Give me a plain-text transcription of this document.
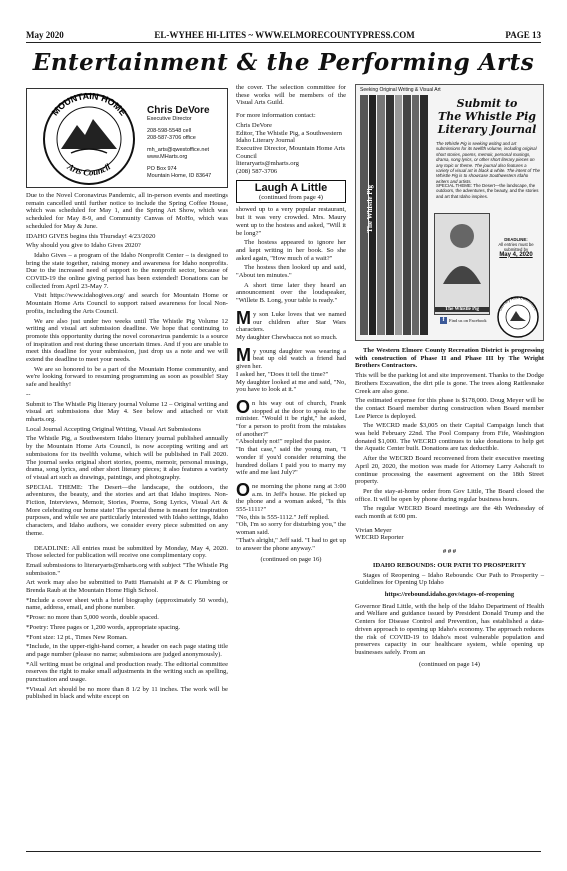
May 2020	EL-WYHEE HI-LITES ~ WWW.ELMORECOUNTYPRESS.COM	PAGE 13
Entertainment & the Performing Arts
MOUNTAIN HOME
Arts Council
Chris DeVore
Executive Director
208-598-5548 cell
208-587-3706 office
mh_arts@qwestoffice.net
www.MHarts.org
PO Box 974
Mountain Home, ID 83647

Due to the Novel Coronavirus Pandemic, all in-person events and meetings remain cancelled until further notice to include the Spring Coffee House, which was scheduled for May 1, and the Spring Art Show, which was scheduled for May 8-9, and Community Canvas of MoHo, which was scheduled for May & June.

IDAHO GIVES begins this Thursday! 4/23/2020

Why should you give to Idaho Gives 2020?

Idaho Gives – a program of the Idaho Nonprofit Center – is designed to bring the state together, raising money and awareness for Idaho nonprofits. Due to the increased need of support to the nonprofit sector, because of COVID-19 the online giving period has been extended! Donations can be collected from April 23-May 7.

Visit https://www.idahogives.org/ and search for Mountain Home or Mountain Home Arts Council to support raised awareness for local Non-profits, including the Arts Council.

We are also just under two weeks until The Whistle Pig Volume 12 writing and visual art submission deadline. We hope that continuing to promote this opportunity during the novel coronavirus pandemic is a source of inspiration and rest during these uncertain times. And if you are unable to meet this deadline for your submission, just drop us a note and we will extend the deadline to meet your needs.

We are so honored to be a part of the Mountain Home community, and we're looking forward to resuming programming as soon as possible! Stay safe and healthy!

--

Submit to The Whistle Pig literary journal Volume 12 – Original writing and visual art submissions due May 4. See below and attached or visit mharts.org.

Local Journal Accepting Original Writing, Visual Art Submissions

The Whistle Pig, a Southwestern Idaho literary journal published annually by the Mountain Home Arts Council, is now accepting writing and art submissions for its twelfth volume, which will be published in Fall 2020. The journal seeks original short stories, poems, memoir, personal musings, drama, song lyrics, and other short literary pieces; it also features a variety of visual art such as drawings, paintings, and photography.

SPECIAL THEME: The Desert—the landscape, the outdoors, the adventures, the beauty, and the stories and art that Idaho inspires. Non-Fiction, Interviews, Memoir, Stories, Poems, Song Lyrics, Visual Art & More celebrating our home state! The special theme is meant for inspiration purposes, and while we are particularly interested with Idaho settings, Idaho characters, and Idaho authors, we consider every piece submitted on any theme.

DEADLINE: All entries must be submitted by Monday, May 4, 2020. Those selected for publication will receive one complimentary copy.

Email submissions to literaryarts@mharts.org with subject "The Whistle Pig submission."

Art work may also be submitted to Patti Hamaishi at P & C Plumbing or Brenda Raub at the Mountain Home High School.

*Include a cover sheet with a brief biography (approximately 50 words), name, address, email, and phone number.

*Prose: no more than 5,000 words, double spaced.

*Poetry: Three pages or 1,200 words, appropriate spacing.

*Font size: 12 pt., Times New Roman.

*Include, in the upper-right-hand corner, a header on each page stating title and page number (please no name; submissions are judged anonymously).

*All writing must be original and production ready. The editorial committee reserves the right to make small adjustments in the writing such as spelling, punctuation and usage.

*Visual Art should be no more than 8 1/2 by 11 inches. The work will be published in black and white except on

the cover. The selection committee for these works will be members of the Visual Arts Guild.

For more information contact:

Chris DeVore
Editor, The Whistle Pig, a Southwestern Idaho Literary Journal
Executive Director, Mountain Home Arts Council
literaryarts@mharts.org
(208) 587-3706

Laugh A Little
(continued from page 4)

showed up to a very popular restaurant, but it was very crowded. Mrs. Maury went up to the hostess and asked, "Will it be long?"

The hostess appeared to ignore her and kept writing in her book. So she asked again, "How much of a wait?"

The hostess then looked up and said, "About ten minutes."

A short time later they heard an announcement over the loudspeaker, "Willete B. Long, your table is ready."

My son Luke loves that we named our children after Star Wars characters.
My daughter Chewbacca not so much.

My young daughter was wearing a beat up old watch a friend had given her.
I asked her, "Does it tell the time?"
My daughter looked at me and said, "No, you have to look at it."

On his way out of church, Frank stopped at the door to speak to the minister. "Would it be right," he asked, "for a person to profit from the mistakes of another?"
"Absolutely not!" replied the pastor.
"In that case," said the young man, "I wonder if you'd consider returning the hundred dollars I paid you to marry my wife and me last July?"

One morning the phone rang at 3:00 a.m. in Jeff's house. He picked up the phone and a woman asked, "Is this 555-1111?"
"No, this is 555-1112." Jeff replied.
"Oh, I'm so sorry for disturbing you," the woman said.
"That's alright," Jeff said. "I had to get up to answer the phone anyway."

(continued on page 16)
Seeking Original Writing & Visual Art
The Whistle Pig
Submit to
The Whistle Pig
Literary Journal
The Whistle Pig is seeking writing and art submissions for its twelfth volume, including original short stories, poems, memoir, personal musings, drama, song lyrics, or other short literary pieces on any topic or theme. The journal also features a variety of visual art in black & white. The intent of The Whistle Pig is to showcase Southwestern Idaho writers and artists.
SPECIAL THEME: The Desert—the landscape, the outdoors, the adventures, the beauty, and the stories and art that Idaho inspires.
The Whistle Pig
DEADLINE:
All entries must be submitted by
May 4, 2020
f	Find us on Facebook
Literary Arts Committee

The Western Elmore County Recreation District is progressing with construction of Phase II and Phase III by The Wright Brothers Contractors.

This will be the parking lot and site improvement. Thanks to the Dodge Brothers Excavation, the dirt pile is gone. The trees along Rattlesnake Creek are also gone.

The estimated expense for this phase is $178,000. Doug Meyer will be the contact Board member during construction when Board member Lee Pierce is deployed.

The WECRD made $3,005 on their Capital Campaign lunch that was held February 22nd. The Pool Company from Fife, Washington donated $1,000. The WECRD continues to take donations to help get the Aquatic Center built. Donations are tax deductible.

After the WECRD Board reconvened from their executive meeting April 20, 2020, the motion was made for Attorney Larry Ashcraft to continue processing the easement agreement on the 18th Street property.

Per the stay-at-home order from Gov Little, The Board closed the office. It will be open by phone during regular business hours.

The regular WECRD Board meetings are the 4th Wednesday of each month at 6:00 pm.

Vivian Meyer
WECRD Reporter

# # #

IDAHO REBOUNDS: OUR PATH TO PROSPERITY

Stages of Reopening – Idaho Rebounds: Our Path to Prosperity – Guidelines for Opening Up Idaho

https://rebound.idaho.gov/stages-of-reopening

Governor Brad Little, with the help of the Idaho Department of Health and Welfare and guidance issued by President Donald Trump and the Centers for Disease Control and Prevention, has established a data-driven approach to opening up Idaho's economy. The approach reduces the risk of COVID-19 to Idaho's most vulnerable population and preserves capacity in our healthcare system, while opening up businesses safely. From an

(continued on page 14)
